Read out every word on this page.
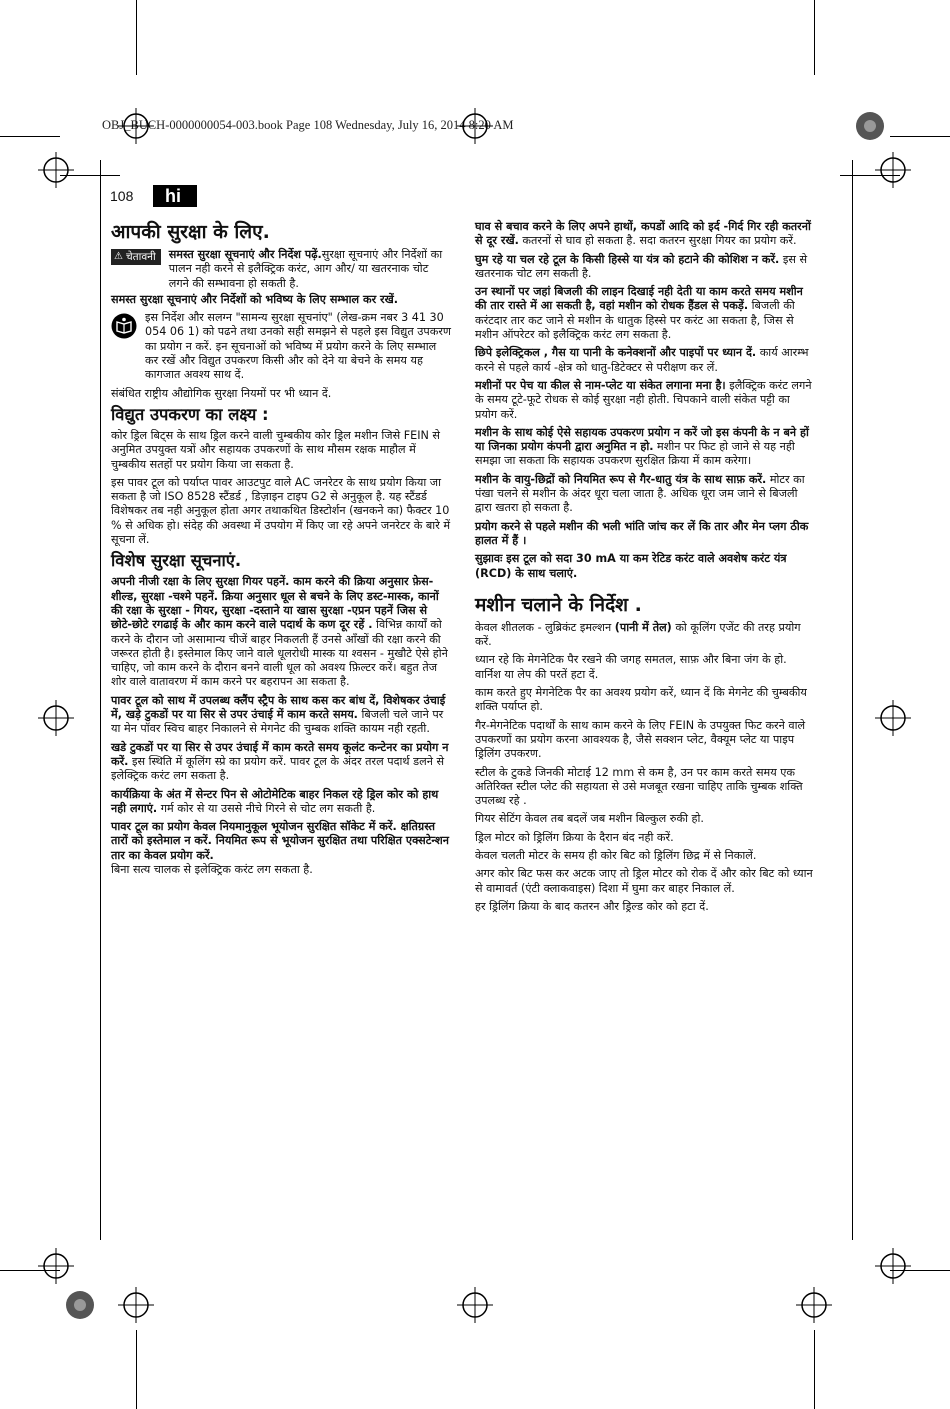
OBJ_BUCH-0000000054-003.book Page 108 Wednesday, July 16, 2014 8:20 AM
108	hi
आपकी सुरक्षा के लिए.
⚠ चेतावनी समस्त सुरक्षा सूचनाएं और निर्देश पढ़ें.सुरक्षा सूचनाएं और निर्देशों का पालन नही करने से इलैक्ट्रिक करंट, आग और/ या खतरनाक चोट लगने की सम्भावना हो सकती है.

समस्त सुरक्षा सूचनाएं और निर्देशों को भविष्य के लिए सम्भाल कर रखें.

इस निर्देश और सलग्न "सामन्य सुरक्षा सूचनांए" (लेख-क्रम नबर 3 41 30 054 06 1) को पढने तथा उनको सही समझने से पहले इस विद्युत उपकरण का प्रयोग न करें. इन सूचनाओं को भविष्य में प्रयोग करने के लिए सम्भाल कर रखें और विद्युत उपकरण किसी और को देने या बेचने के समय यह कागजात अवश्य साथ दें.

संबंधित राष्ट्रीय औद्योगिक सुरक्षा नियमों पर भी ध्यान दें.

विद्युत उपकरण का लक्ष्य :

कोर ड्रिल बिट्स के साथ ड्रिल करने वाली चुम्बकीय कोर ड्रिल मशीन जिसे FEIN से अनुमित उपयुक्त यत्रों और सहायक उपकरणों के साथ मौसम रक्षक माहौल में चुम्बकीय सतहों पर प्रयोग किया जा सकता है.

इस पावर टूल को पर्याप्त पावर आउटपुट वाले AC जनरेटर के साथ प्रयोग किया जा सकता है जो ISO 8528 स्टैंडर्ड , डिज़ाइन टाइप G2 से अनुकूल है. यह स्टैंडर्ड विशेषकर तब नही अनुकूल होता अगर तथाकथित डिस्टोर्शन (खनकने का) फैक्टर 10 % से अधिक हो। संदेह की अवस्था में उपयोग में किए जा रहे अपने जनरेटर के बारे में सूचना लें.

विशेष सुरक्षा सूचनाएं.

अपनी नीजी रक्षा के लिए सुरक्षा गियर पहनें. काम करने की क्रिया अनुसार फ़ेस-शील्ड, सुरक्षा -चश्मे पहनें. क्रिया अनुसार धूल से बचने के लिए डस्ट-मास्क, कानों की रक्षा के सुरक्षा - गियर, सुरक्षा -दस्ताने या खास सुरक्षा -एप्रन पहनें जिस से छोटे-छोटे रगढाई के और काम करने वाले पदार्थ के कण दूर रहें . विभिन्न कार्यों को करने के दौरान जो असामान्य चीजें बाहर निकलती हैं उनसे आँखों की रक्षा करने की जरूरत होती है। इस्तेमाल किए जाने वाले धूलरोधी मास्क या श्वसन - मुखौटे ऐसे होने चाहिए, जो काम करने के दौरान बनने वाली धूल को अवश्य फ़िल्टर करें। बहुत तेज शोर वाले वातावरण में काम करने पर बहरापन आ सकता है.

पावर टूल को साथ में उपलब्ध क्लैंप स्ट्रैप के साथ कस कर बांध दें, विशेषकर उंचाई में, खड़े टुकडों पर या सिर से उपर उंचाई में काम करते समय. बिजली चले जाने पर या मेन पॉवर स्विच बाहर निकालने से मेगनेट की चुम्बक शक्ति कायम नही रहती.

खडे टुकडों पर या सिर से उपर उंचाई में काम करते समय कूलंट कन्टेनर का प्रयोग न करें. इस स्थिति में कूलिंग स्प्रे का प्रयोग करें. पावर टूल के अंदर तरल पदार्थ डलने से इलेक्ट्रिक करंट लग सकता है.

कार्यक्रिया के अंत में सेन्टर पिन से ओटोमेटिक बाहर निकल रहे ड्रिल कोर को हाथ नही लगाएं. गर्म कोर से या उससे नीचे गिरने से चोट लग सकती है.

पावर टूल का प्रयोग केवल नियमानुकूल भूयोजन सुरक्षित सॉकेट में करें. क्षतिग्रस्त तारों को इस्तेमाल न करें. नियमित रूप से भूयोजन सुरक्षित तथा परिक्षित एक्सटेन्शन तार का केवल प्रयोग करें.

बिना सत्य चालक से इलेक्ट्रिक करंट लग सकता है.

घाव से बचाव करने के लिए अपने हाथों, कपडों आदि को इर्द -गिर्द गिर रही कतरनों से दूर रखें. कतरनों से घाव हो सकता है. सदा कतरन सुरक्षा गियर का प्रयोग करें.

घुम रहे या चल रहे टूल के किसी हिस्से या यंत्र को हटाने की कोशिश न करें. इस से खतरनाक चोट लग सकती है.

उन स्थानों पर जहां बिजली की लाइन दिखाई नही देती या काम करते समय मशीन की तार रास्ते में आ सकती है, वहां मशीन को रोधक हैंडल से पकड़ें. बिजली की करंटदार तार कट जाने से मशीन के धातुक हिस्से पर करंट आ सकता है, जिस से मशीन ऑपरेटर को इलैक्ट्रिक करंट लग सकता है.

छिपे इलेक्ट्रिकल , गैस या पानी के कनेक्शनों और पाइपों पर ध्यान दें. कार्य आरम्भ करने से पहले कार्य -क्षेत्र को धातु-डिटेक्टर से परीक्षण कर लें.

मशीनों पर पेच या कील से नाम-प्लेट या संकेत लगाना मना है। इलैक्ट्रिक करंट लगने के समय टूटे-फूटे रोधक से कोई सुरक्षा नही होती. चिपकाने वाली संकेत पट्टी का प्रयोग करें.

मशीन के साथ कोई ऐसे सहायक उपकरण प्रयोग न करें जो इस कंपनी के न बने हों या जिनका प्रयोग कंपनी द्वारा अनुमित न हो. मशीन पर फिट हो जाने से यह नही समझा जा सकता कि सहायक उपकरण सुरक्षित क्रिया में काम करेगा।

मशीन के वायु-छिद्रों को नियमित रूप से गैर-धातु यंत्र के साथ साफ़ करें. मोटर का पंखा चलने से मशीन के अंदर धूरा चला जाता है. अधिक धूरा जम जाने से बिजली द्वारा खतरा हो सकता है.

प्रयोग करने से पहले मशीन की भली भांति जांच कर लें कि तार और मेन प्लग ठीक हालत में हैं ।

सुझावः इस टूल को सदा 30 mA या कम रेटिड करंट वाले अवशेष करंट यंत्र (RCD) के साथ चलाएं.

मशीन चलाने के निर्देश .

केवल शीतलक - लुब्रिकंट इमल्शन (पानी में तेल) को कूलिंग एजेंट की तरह प्रयोग करें.

ध्यान रहे कि मेगनेटिक पैर रखने की जगह समतल, साफ़ और बिना जंग के हो. वार्निश या लेप की परतें हटा दें.

काम करते हुए मेगनेटिक पैर का अवश्य प्रयोग करें, ध्यान दें कि मेगनेट की चुम्बकीय शक्ति पर्याप्त हो.

गैर-मेगनेटिक पदार्थों के साथ काम करने के लिए FEIN के उपयुक्त फिट करने वाले उपकरणों का प्रयोग करना आवश्यक है, जैसे सक्शन प्लेट, वैक्यूम प्लेट या पाइप ड्रिलिंग उपकरण.

स्टील के टुकडे जिनकी मोटाई 12 mm से कम है, उन पर काम करते समय एक अतिरिक्त स्टील प्लेट की सहायता से उसे मजबूत रखना चाहिए ताकि चुम्बक शक्ति उपलब्ध रहे .

गियर सेटिंग केवल तब बदलें जब मशीन बिल्कुल रुकी हो.

ड्रिल मोटर को ड्रिलिंग क्रिया के दैरान बंद नही करें.

केवल चलती मोटर के समय ही कोर बिट को ड्रिलिंग छिद्र में से निकालें.

अगर कोर बिट फस कर अटक जाए तो ड्रिल मोटर को रोक दें और कोर बिट को ध्यान से वामावर्त (एंटी क्लाकवाइस) दिशा में घुमा कर बाहर निकाल लें.

हर ड्रिलिंग क्रिया के बाद कतरन और ड्रिल्ड कोर को हटा दें.
